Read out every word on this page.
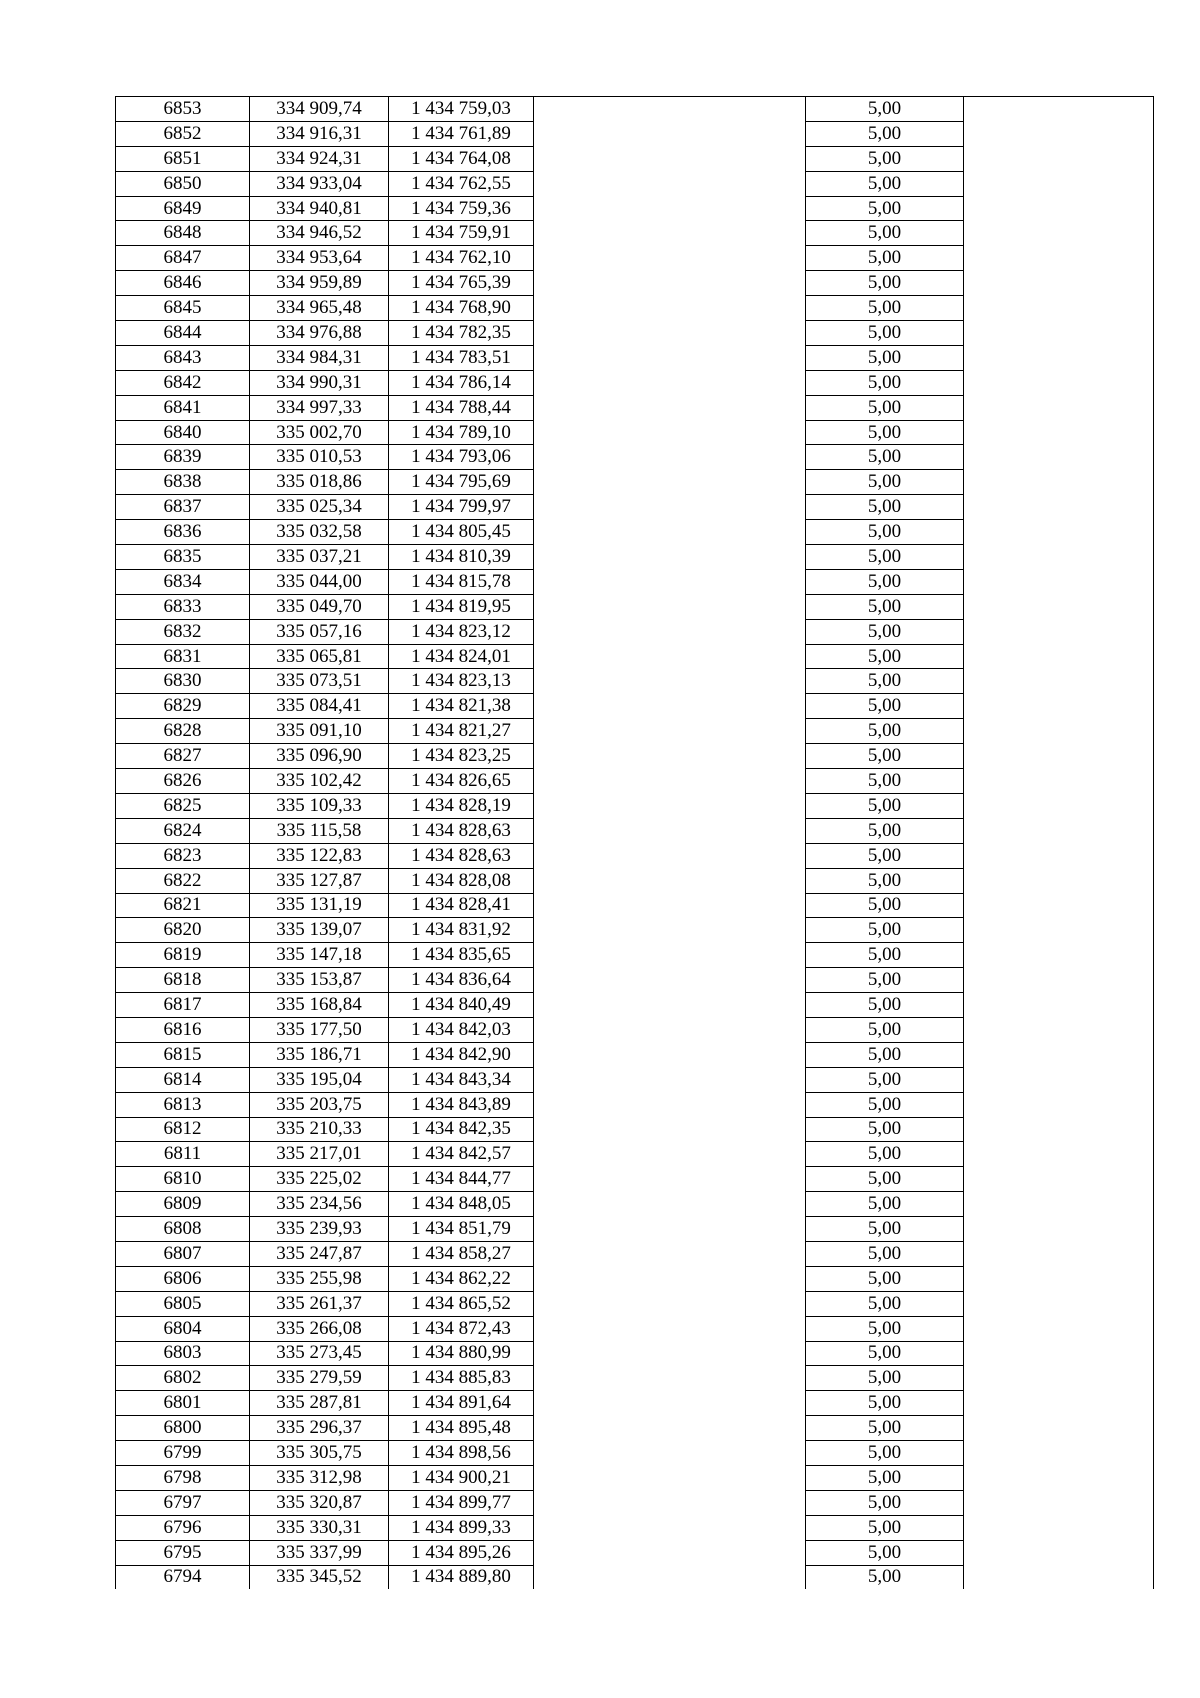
6853	334 909,74	1 434 759,03		5,00	
6852	334 916,31	1 434 761,89		5,00	
6851	334 924,31	1 434 764,08		5,00	
6850	334 933,04	1 434 762,55		5,00	
6849	334 940,81	1 434 759,36		5,00	
6848	334 946,52	1 434 759,91		5,00	
6847	334 953,64	1 434 762,10		5,00	
6846	334 959,89	1 434 765,39		5,00	
6845	334 965,48	1 434 768,90		5,00	
6844	334 976,88	1 434 782,35		5,00	
6843	334 984,31	1 434 783,51		5,00	
6842	334 990,31	1 434 786,14		5,00	
6841	334 997,33	1 434 788,44		5,00	
6840	335 002,70	1 434 789,10		5,00	
6839	335 010,53	1 434 793,06		5,00	
6838	335 018,86	1 434 795,69		5,00	
6837	335 025,34	1 434 799,97		5,00	
6836	335 032,58	1 434 805,45		5,00	
6835	335 037,21	1 434 810,39		5,00	
6834	335 044,00	1 434 815,78		5,00	
6833	335 049,70	1 434 819,95		5,00	
6832	335 057,16	1 434 823,12		5,00	
6831	335 065,81	1 434 824,01		5,00	
6830	335 073,51	1 434 823,13		5,00	
6829	335 084,41	1 434 821,38		5,00	
6828	335 091,10	1 434 821,27		5,00	
6827	335 096,90	1 434 823,25		5,00	
6826	335 102,42	1 434 826,65		5,00	
6825	335 109,33	1 434 828,19		5,00	
6824	335 115,58	1 434 828,63		5,00	
6823	335 122,83	1 434 828,63		5,00	
6822	335 127,87	1 434 828,08		5,00	
6821	335 131,19	1 434 828,41		5,00	
6820	335 139,07	1 434 831,92		5,00	
6819	335 147,18	1 434 835,65		5,00	
6818	335 153,87	1 434 836,64		5,00	
6817	335 168,84	1 434 840,49		5,00	
6816	335 177,50	1 434 842,03		5,00	
6815	335 186,71	1 434 842,90		5,00	
6814	335 195,04	1 434 843,34		5,00	
6813	335 203,75	1 434 843,89		5,00	
6812	335 210,33	1 434 842,35		5,00	
6811	335 217,01	1 434 842,57		5,00	
6810	335 225,02	1 434 844,77		5,00	
6809	335 234,56	1 434 848,05		5,00	
6808	335 239,93	1 434 851,79		5,00	
6807	335 247,87	1 434 858,27		5,00	
6806	335 255,98	1 434 862,22		5,00	
6805	335 261,37	1 434 865,52		5,00	
6804	335 266,08	1 434 872,43		5,00	
6803	335 273,45	1 434 880,99		5,00	
6802	335 279,59	1 434 885,83		5,00	
6801	335 287,81	1 434 891,64		5,00	
6800	335 296,37	1 434 895,48		5,00	
6799	335 305,75	1 434 898,56		5,00	
6798	335 312,98	1 434 900,21		5,00	
6797	335 320,87	1 434 899,77		5,00	
6796	335 330,31	1 434 899,33		5,00	
6795	335 337,99	1 434 895,26		5,00	
6794	335 345,52	1 434 889,80		5,00	
